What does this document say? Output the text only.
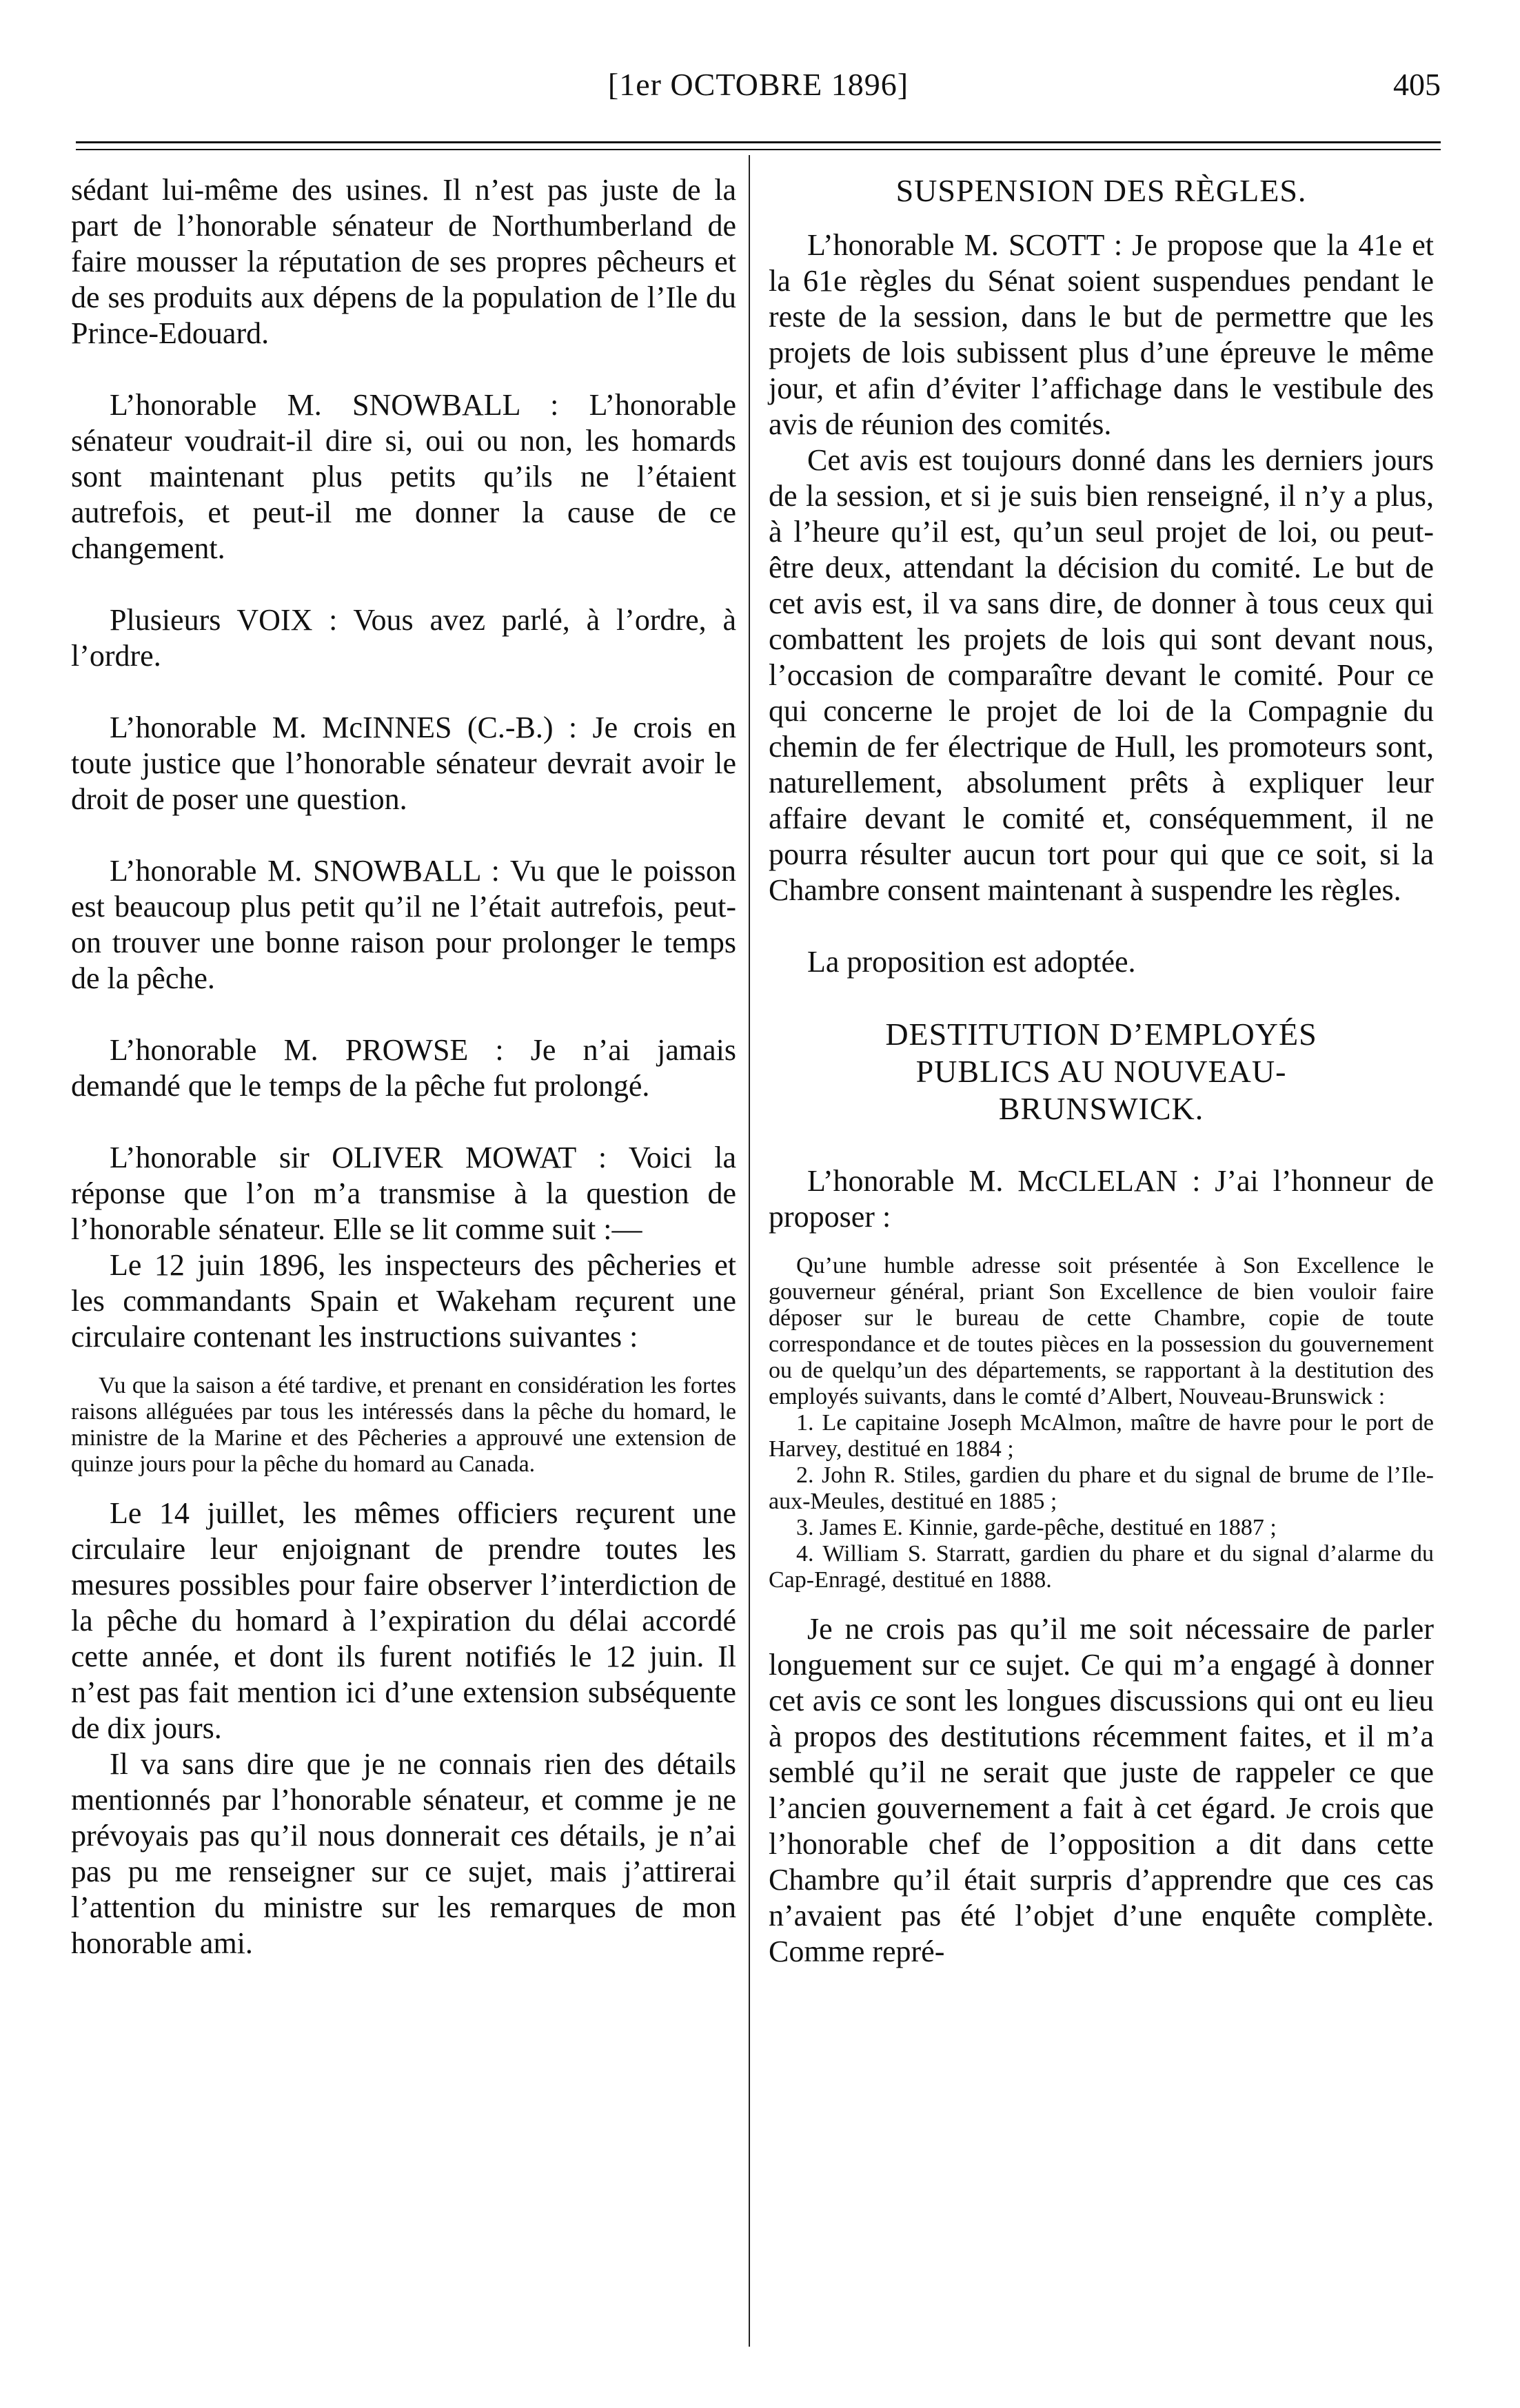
[1er OCTOBRE 1896]	405

sédant lui-même des usines. Il n’est pas juste de la part de l’honorable sénateur de Northumberland de faire mousser la réputation de ses propres pêcheurs et de ses produits aux dépens de la population de l’Ile du Prince-Edouard.

L’honorable M. SNOWBALL : L’honorable sénateur voudrait-il dire si, oui ou non, les homards sont maintenant plus petits qu’ils ne l’étaient autrefois, et peut-il me donner la cause de ce changement.

Plusieurs VOIX : Vous avez parlé, à l’ordre, à l’ordre.

L’honorable M. McINNES (C.-B.) : Je crois en toute justice que l’honorable sénateur devrait avoir le droit de poser une question.

L’honorable M. SNOWBALL : Vu que le poisson est beaucoup plus petit qu’il ne l’était autrefois, peut-on trouver une bonne raison pour prolonger le temps de la pêche.

L’honorable M. PROWSE : Je n’ai jamais demandé que le temps de la pêche fut prolongé.

L’honorable sir OLIVER MOWAT : Voici la réponse que l’on m’a transmise à la question de l’honorable sénateur. Elle se lit comme suit :—

Le 12 juin 1896, les inspecteurs des pêcheries et les commandants Spain et Wakeham reçurent une circulaire contenant les instructions suivantes :

Vu que la saison a été tardive, et prenant en considération les fortes raisons alléguées par tous les intéressés dans la pêche du homard, le ministre de la Marine et des Pêcheries a approuvé une extension de quinze jours pour la pêche du homard au Canada.

Le 14 juillet, les mêmes officiers reçurent une circulaire leur enjoignant de prendre toutes les mesures possibles pour faire observer l’interdiction de la pêche du homard à l’expiration du délai accordé cette année, et dont ils furent notifiés le 12 juin. Il n’est pas fait mention ici d’une extension subséquente de dix jours.

Il va sans dire que je ne connais rien des détails mentionnés par l’honorable sénateur, et comme je ne prévoyais pas qu’il nous donnerait ces détails, je n’ai pas pu me renseigner sur ce sujet, mais j’attirerai l’attention du ministre sur les remarques de mon honorable ami.

SUSPENSION DES RÈGLES.

L’honorable M. SCOTT : Je propose que la 41e et la 61e règles du Sénat soient suspendues pendant le reste de la session, dans le but de permettre que les projets de lois subissent plus d’une épreuve le même jour, et afin d’éviter l’affichage dans le vestibule des avis de réunion des comités.

Cet avis est toujours donné dans les derniers jours de la session, et si je suis bien renseigné, il n’y a plus, à l’heure qu’il est, qu’un seul projet de loi, ou peut-être deux, attendant la décision du comité. Le but de cet avis est, il va sans dire, de donner à tous ceux qui combattent les projets de lois qui sont devant nous, l’occasion de comparaître devant le comité. Pour ce qui concerne le projet de loi de la Compagnie du chemin de fer électrique de Hull, les promoteurs sont, naturellement, absolument prêts à expliquer leur affaire devant le comité et, conséquemment, il ne pourra résulter aucun tort pour qui que ce soit, si la Chambre consent maintenant à suspendre les règles.

La proposition est adoptée.

DESTITUTION D’EMPLOYÉS
PUBLICS AU NOUVEAU-
BRUNSWICK.

L’honorable M. McCLELAN : J’ai l’honneur de proposer :

Qu’une humble adresse soit présentée à Son Excellence le gouverneur général, priant Son Excellence de bien vouloir faire déposer sur le bureau de cette Chambre, copie de toute correspondance et de toutes pièces en la possession du gouvernement ou de quelqu’un des départements, se rapportant à la destitution des employés suivants, dans le comté d’Albert, Nouveau-Brunswick :

1. Le capitaine Joseph McAlmon, maître de havre pour le port de Harvey, destitué en 1884 ;

2. John R. Stiles, gardien du phare et du signal de brume de l’Ile-aux-Meules, destitué en 1885 ;

3. James E. Kinnie, garde-pêche, destitué en 1887 ;

4. William S. Starratt, gardien du phare et du signal d’alarme du Cap-Enragé, destitué en 1888.

Je ne crois pas qu’il me soit nécessaire de parler longuement sur ce sujet. Ce qui m’a engagé à donner cet avis ce sont les longues discussions qui ont eu lieu à propos des destitutions récemment faites, et il m’a semblé qu’il ne serait que juste de rappeler ce que l’ancien gouvernement a fait à cet égard. Je crois que l’honorable chef de l’opposition a dit dans cette Chambre qu’il était surpris d’apprendre que ces cas n’avaient pas été l’objet d’une enquête complète. Comme repré-
